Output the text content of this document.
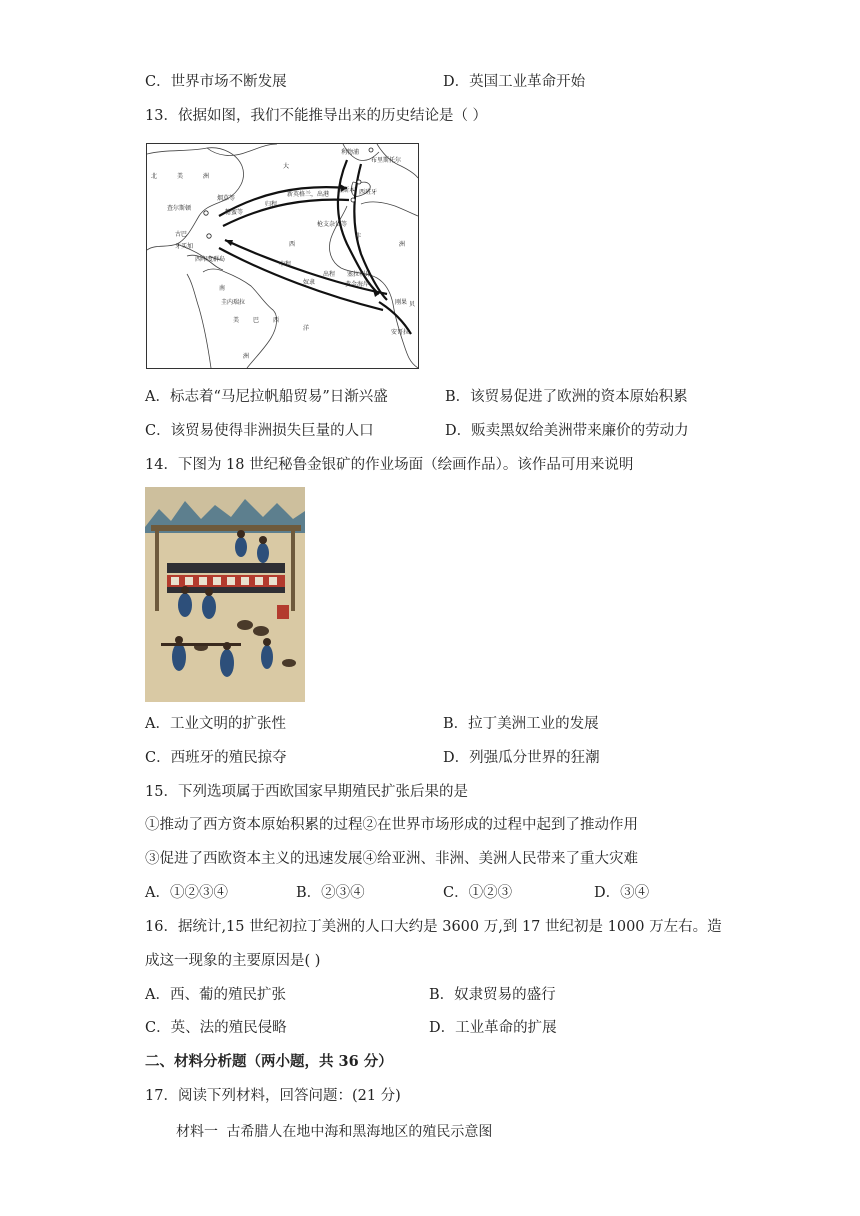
C．世界市场不断发展	D．英国工业革命开始
13．依据如图，我们不能推导出来的历史结论是（ ）
北	美	洲
大
查尔斯顿
古巴
牙买加
西印度群岛
烟草等
糖蜜等
归程
新英格兰，出港
利物浦
布里斯托尔
里斯本 西班牙
枪支杂货等
西
中程
奴隶
出程
非
洲
塞拉利昂
黄金海岸
刚果 贝
安哥拉
南
圭内瑞拉
美 巴 西
洋
洲
A．标志着“马尼拉帆船贸易”日渐兴盛	B．该贸易促进了欧洲的资本原始积累
C．该贸易使得非洲损失巨量的人口	D．贩卖黑奴给美洲带来廉价的劳动力
14．下图为 18 世纪秘鲁金银矿的作业场面（绘画作品）。该作品可用来说明
A．工业文明的扩张性	B．拉丁美洲工业的发展
C．西班牙的殖民掠夺	D．列强瓜分世界的狂潮
15．下列选项属于西欧国家早期殖民扩张后果的是
①推动了西方资本原始积累的过程②在世界市场形成的过程中起到了推动作用
③促进了西欧资本主义的迅速发展④给亚洲、非洲、美洲人民带来了重大灾难
A．①②③④	B．②③④	C．①②③	D．③④
16．据统计,15 世纪初拉丁美洲的人口大约是 3600 万,到 17 世纪初是 1000 万左右。造
成这一现象的主要原因是( )
A．西、葡的殖民扩张	B．奴隶贸易的盛行
C．英、法的殖民侵略	D．工业革命的扩展
二、材料分析题（两小题，共 36 分）
17．阅读下列材料，回答问题：(21 分)
材料一 古希腊人在地中海和黑海地区的殖民示意图
